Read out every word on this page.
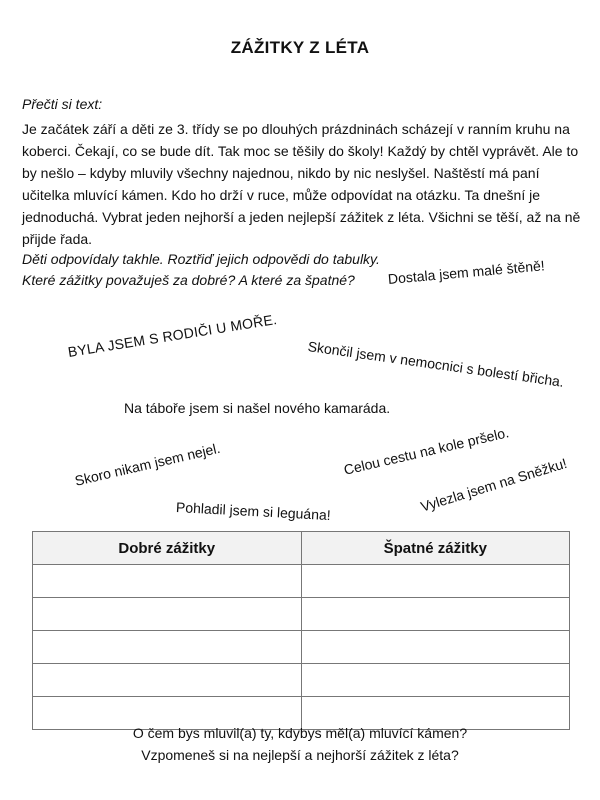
ZÁŽITKY Z LÉTA
Přečti si text:
Je začátek září a děti ze 3. třídy se po dlouhých prázdninách scházejí v ranním kruhu na
koberci. Čekají, co se bude dít. Tak moc se těšily do školy! Každý by chtěl vyprávět. Ale to
by nešlo – kdyby mluvily všechny najednou, nikdo by nic neslyšel. Naštěstí má paní
učitelka mluvící kámen. Kdo ho drží v ruce, může odpovídat na otázku. Ta dnešní je
jednoduchá. Vybrat jeden nejhorší a jeden nejlepší zážitek z léta. Všichni se těší, až na ně
přijde řada.
Děti odpovídaly takhle. Roztřiď jejich odpovědi do tabulky.
Které zážitky považuješ za dobré? A které za špatné?	Dostala jsem malé štěně!
BYLA JSEM S RODIČI U MOŘE.
Skončil jsem v nemocnici s bolestí břicha.
Na táboře jsem si našel nového kamaráda.
Skoro nikam jsem nejel.	Celou cestu na kole pršelo.
Vylezla jsem na Sněžku!
Pohladil jsem si leguána!
Dobré zážitky	Špatné zážitky

O čem bys mluvil(a) ty, kdybys měl(a) mluvící kámen?
Vzpomeneš si na nejlepší a nejhorší zážitek z léta?
